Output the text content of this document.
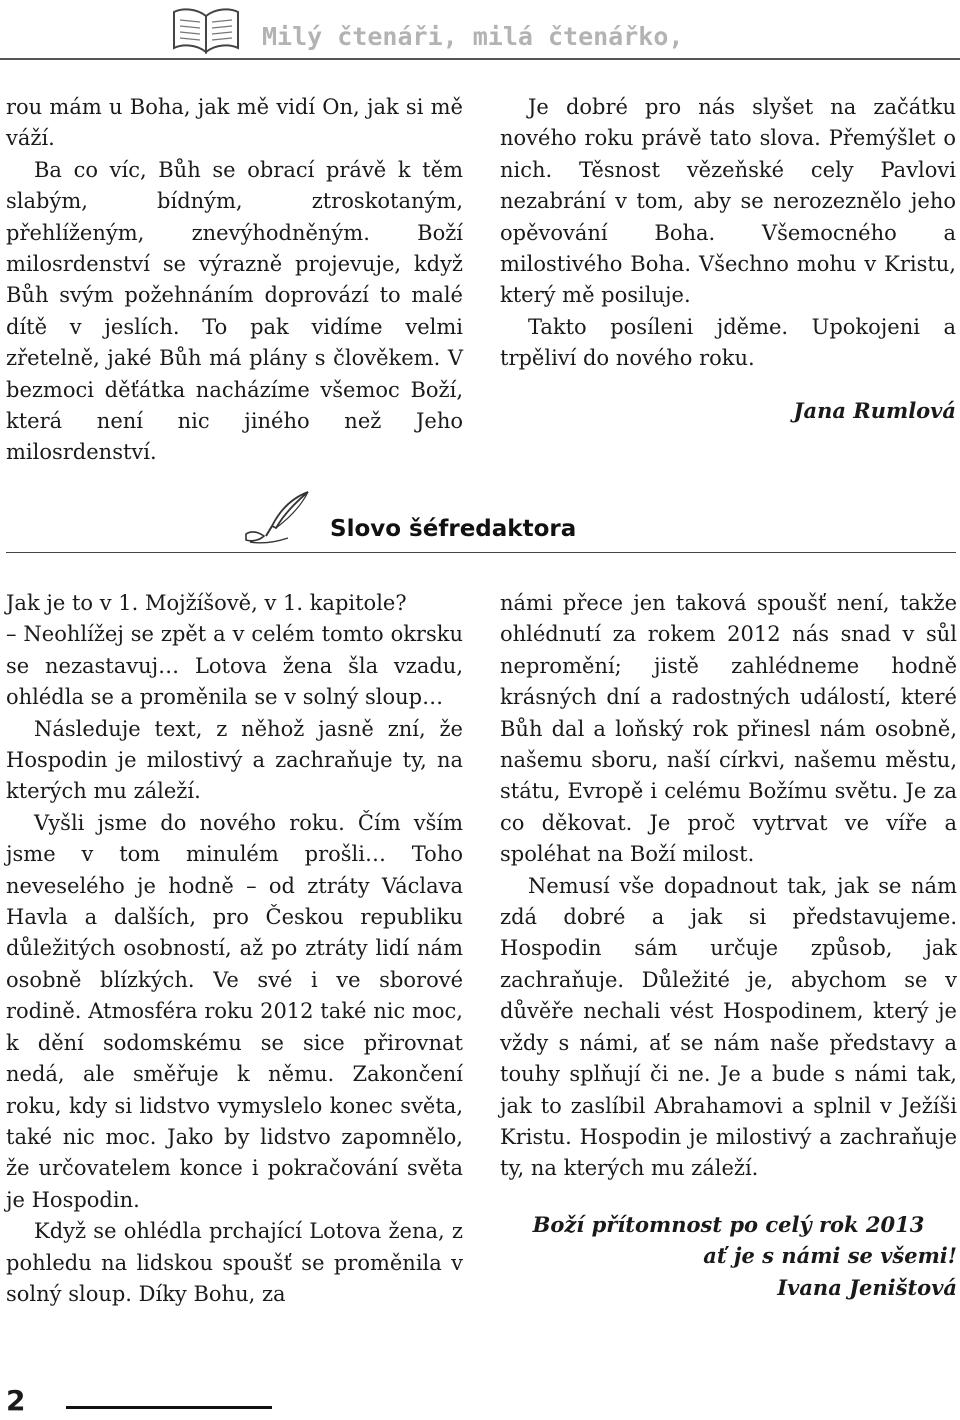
Milý čtenáři, milá čtenářko,

rou mám u Boha, jak mě vidí On, jak si mě váží.

Ba co víc, Bůh se obrací právě k těm slabým, bídným, ztroskotaným, přehlíženým, znevýhodněným. Boží milosrdenství se výrazně projevuje, když Bůh svým požehnáním doprovází to malé dítě v jeslích. To pak vidíme velmi zřetelně, jaké Bůh má plány s člověkem. V bezmoci děťátka nacházíme všemoc Boží, která není nic jiného než Jeho milosrdenství.

Je dobré pro nás slyšet na začátku nového roku právě tato slova. Přemýšlet o nich. Těsnost vězeňské cely Pavlovi nezabrání v tom, aby se nerozeznělo jeho opěvování Boha. Všemocného a milostivého Boha. Všechno mohu v Kristu, který mě posiluje.

Takto posíleni jděme. Upokojeni a trpěliví do nového roku.

Jana Rumlová
Slovo šéfredaktora

Jak je to v 1. Mojžíšově, v 1. kapitole?

– Neohlížej se zpět a v celém tomto okrsku se nezastavuj… Lotova žena šla vzadu, ohlédla se a proměnila se v solný sloup…

Následuje text, z něhož jasně zní, že Hospodin je milostivý a zachraňuje ty, na kterých mu záleží.

Vyšli jsme do nového roku. Čím vším jsme v tom minulém prošli… Toho neveselého je hodně – od ztráty Václava Havla a dalších, pro Českou republiku důležitých osobností, až po ztráty lidí nám osobně blízkých. Ve své i ve sborové rodině. Atmosféra roku 2012 také nic moc, k dění sodomskému se sice přirovnat nedá, ale směřuje k němu. Zakončení roku, kdy si lidstvo vymyslelo konec světa, také nic moc. Jako by lidstvo zapomnělo, že určovatelem konce i pokračování světa je Hospodin.

Když se ohlédla prchající Lotova žena, z pohledu na lidskou spoušť se proměnila v solný sloup. Díky Bohu, za

námi přece jen taková spoušť není, takže ohlédnutí za rokem 2012 nás snad v sůl nepromění; jistě zahlédneme hodně krásných dní a radostných událostí, které Bůh dal a loňský rok přinesl nám osobně, našemu sboru, naší církvi, našemu městu, státu, Evropě i celému Božímu světu. Je za co děkovat. Je proč vytrvat ve víře a spoléhat na Boží milost.

Nemusí vše dopadnout tak, jak se nám zdá dobré a jak si představujeme. Hospodin sám určuje způsob, jak zachraňuje. Důležité je, abychom se v důvěře nechali vést Hospodinem, který je vždy s námi, ať se nám naše představy a touhy splňují či ne. Je a bude s námi tak, jak to zaslíbil Abrahamovi a splnil v Ježíši Kristu. Hospodin je milostivý a zachraňuje ty, na kterých mu záleží.

Boží přítomnost po celý rok 2013
ať je s námi se všemi!
Ivana Jeništová
2
